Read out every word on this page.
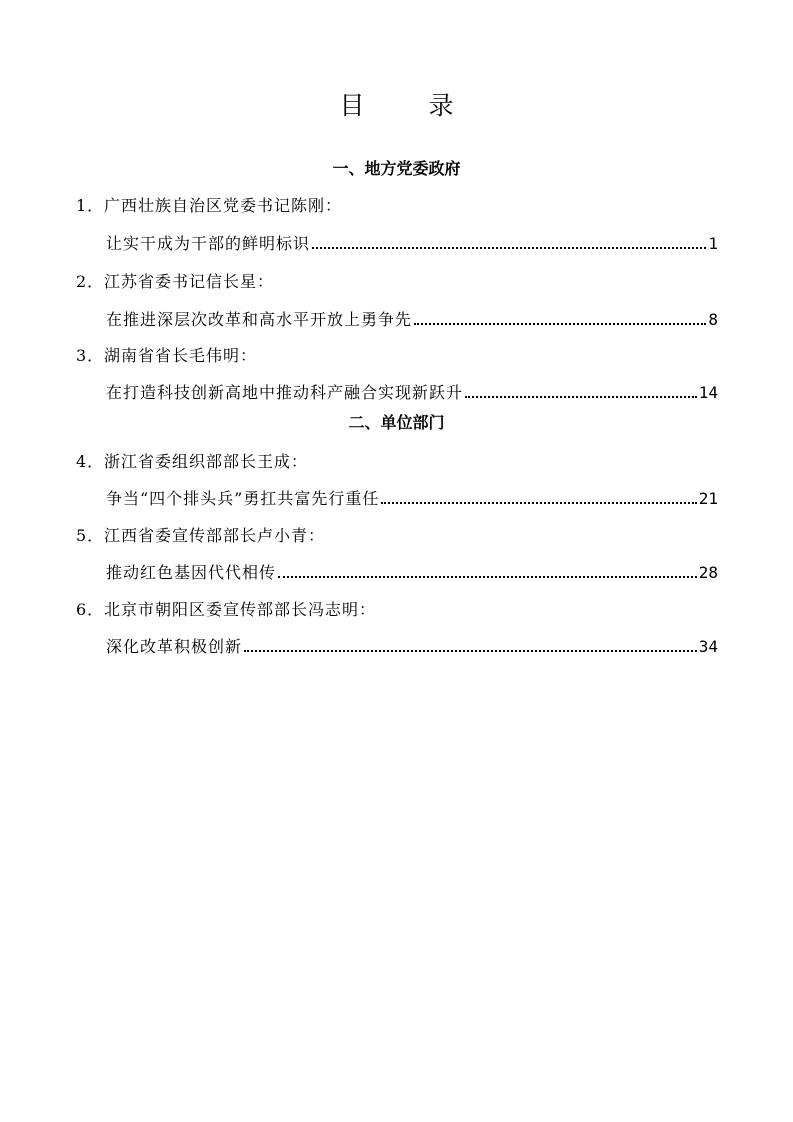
目 录
一、地方党委政府
1．广西壮族自治区党委书记陈刚：
让实干成为干部的鲜明标识	1
2．江苏省委书记信长星：
在推进深层次改革和高水平开放上勇争先	8
3．湖南省省长毛伟明：
在打造科技创新高地中推动科产融合实现新跃升	14
二、单位部门
4．浙江省委组织部部长王成：
争当“四个排头兵”勇扛共富先行重任	21
5．江西省委宣传部部长卢小青：
推动红色基因代代相传	28
6．北京市朝阳区委宣传部部长冯志明：
深化改革积极创新	34
